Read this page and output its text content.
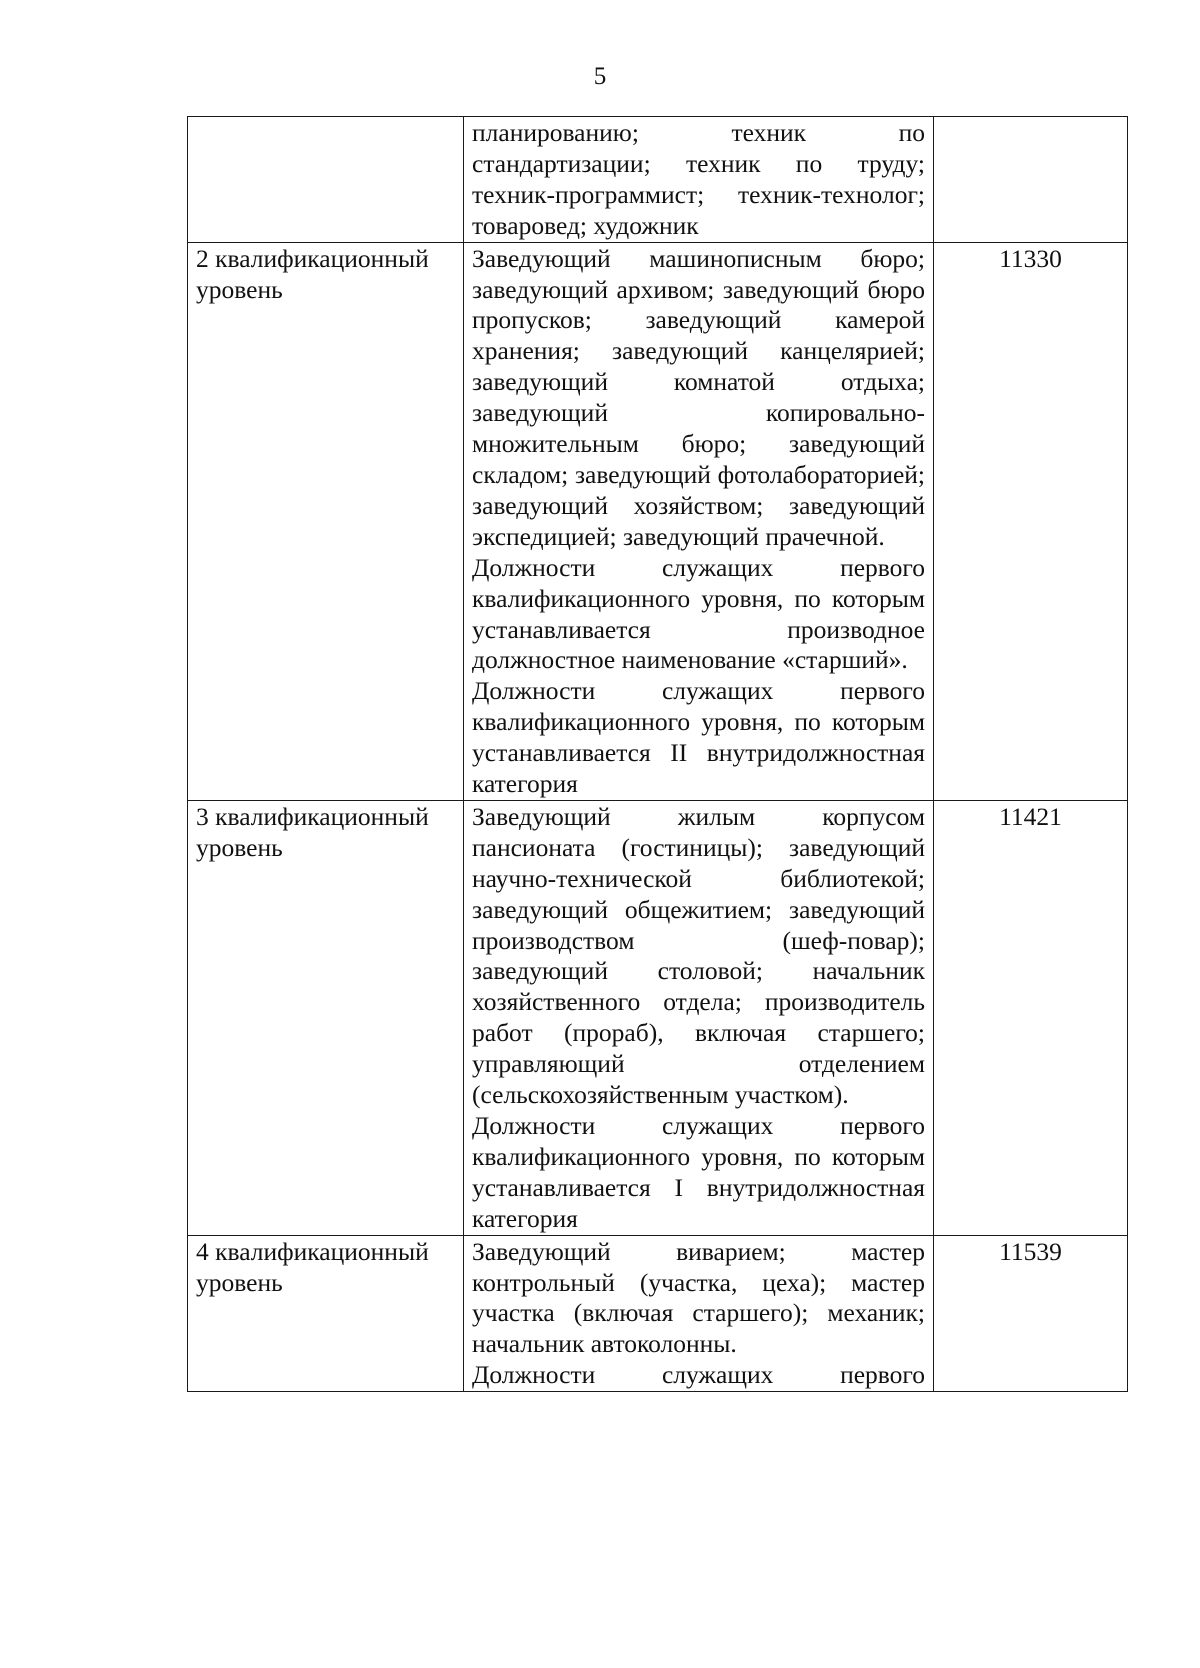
5

	планированию; техник по стандартизации; техник по труду; техник-программист; техник-технолог; товаровед; художник	

2 квалификационный уровень	Заведующий машинописным бюро; заведующий архивом; заведующий бюро пропусков; заведующий камерой хранения; заведующий канцелярией; заведующий комнатой отдыха; заведующий копировально-множительным бюро; заведующий складом; заведующий фотолабораторией; заведующий хозяйством; заведующий экспедицией; заведующий прачечной.
Должности служащих первого квалификационного уровня, по которым устанавливается производное должностное наименование «старший».
Должности служащих первого квалификационного уровня, по которым устанавливается II внутридолжностная категория	11330
3 квалификационный уровень	Заведующий жилым корпусом пансионата (гостиницы); заведующий научно-технической библиотекой; заведующий общежитием; заведующий производством (шеф-повар); заведующий столовой; начальник хозяйственного отдела; производитель работ (прораб), включая старшего; управляющий отделением (сельскохозяйственным участком).
Должности служащих первого квалификационного уровня, по которым устанавливается I внутридолжностная категория	11421
4 квалификационный уровень	Заведующий виварием; мастер контрольный (участка, цеха); мастер участка (включая старшего); механик; начальник автоколонны.
Должности служащих первого	11539
